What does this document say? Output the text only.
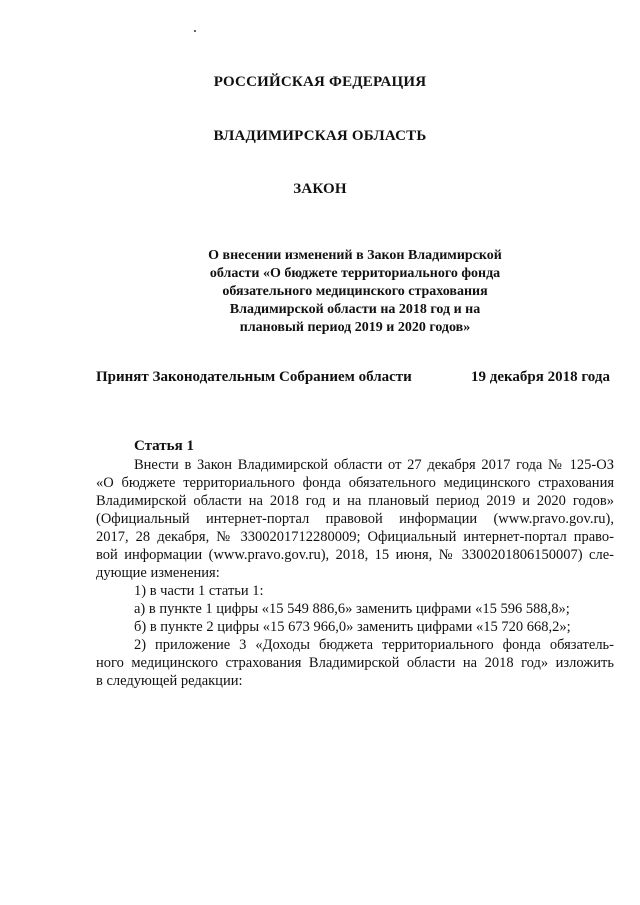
РОССИЙСКАЯ ФЕДЕРАЦИЯ
ВЛАДИМИРСКАЯ ОБЛАСТЬ
ЗАКОН
О внесении изменений в Закон Владимирской
области «О бюджете территориального фонда
обязательного медицинского страхования
Владимирской области на 2018 год и на
плановый период 2019 и 2020 годов»
Принят Законодательным Собранием области	19 декабря 2018 года
Статья 1
Внести в Закон Владимирской области от 27 декабря 2017 года № 125-ОЗ
«О бюджете территориального фонда обязательного медицинского страхования
Владимирской области на 2018 год и на плановый период 2019 и 2020 годов»
(Официальный интернет-портал правовой информации (www.pravo.gov.ru),
2017, 28 декабря, № 3300201712280009; Официальный интернет-портал право-
вой информации (www.pravo.gov.ru), 2018, 15 июня, № 3300201806150007) сле-
дующие изменения:
1) в части 1 статьи 1:
а) в пункте 1 цифры «15 549 886,6» заменить цифрами «15 596 588,8»;
б) в пункте 2 цифры «15 673 966,0» заменить цифрами «15 720 668,2»;
2) приложение 3 «Доходы бюджета территориального фонда обязатель-
ного медицинского страхования Владимирской области на 2018 год» изложить
в следующей редакции:
